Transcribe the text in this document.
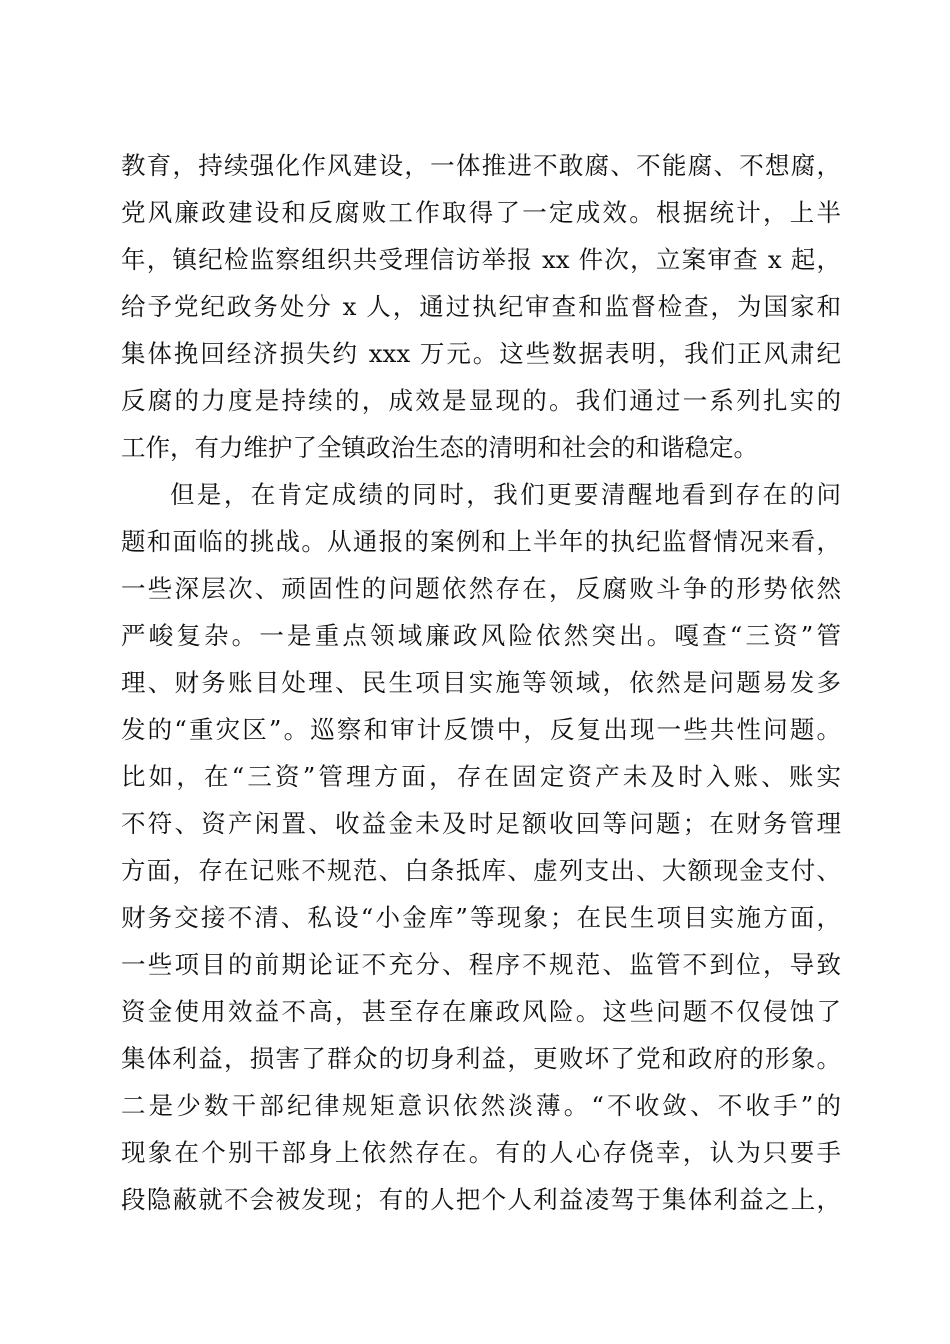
教育，持续强化作风建设，一体推进不敢腐、不能腐、不想腐，
党风廉政建设和反腐败工作取得了一定成效。根据统计，上半
年，镇纪检监察组织共受理信访举报 xx 件次，立案审查 x 起，
给予党纪政务处分 x 人，通过执纪审查和监督检查，为国家和
集体挽回经济损失约 xxx 万元。这些数据表明，我们正风肃纪
反腐的力度是持续的，成效是显现的。我们通过一系列扎实的
工作，有力维护了全镇政治生态的清明和社会的和谐稳定。
但是，在肯定成绩的同时，我们更要清醒地看到存在的问
题和面临的挑战。从通报的案例和上半年的执纪监督情况来看，
一些深层次、顽固性的问题依然存在，反腐败斗争的形势依然
严峻复杂。一是重点领域廉政风险依然突出。嘎查“三资”管
理、财务账目处理、民生项目实施等领域，依然是问题易发多
发的“重灾区”。巡察和审计反馈中，反复出现一些共性问题。
比如，在“三资”管理方面，存在固定资产未及时入账、账实
不符、资产闲置、收益金未及时足额收回等问题；在财务管理
方面，存在记账不规范、白条抵库、虚列支出、大额现金支付、
财务交接不清、私设“小金库”等现象；在民生项目实施方面，
一些项目的前期论证不充分、程序不规范、监管不到位，导致
资金使用效益不高，甚至存在廉政风险。这些问题不仅侵蚀了
集体利益，损害了群众的切身利益，更败坏了党和政府的形象。
二是少数干部纪律规矩意识依然淡薄。“不收敛、不收手”的
现象在个别干部身上依然存在。有的人心存侥幸，认为只要手
段隐蔽就不会被发现；有的人把个人利益凌驾于集体利益之上，
